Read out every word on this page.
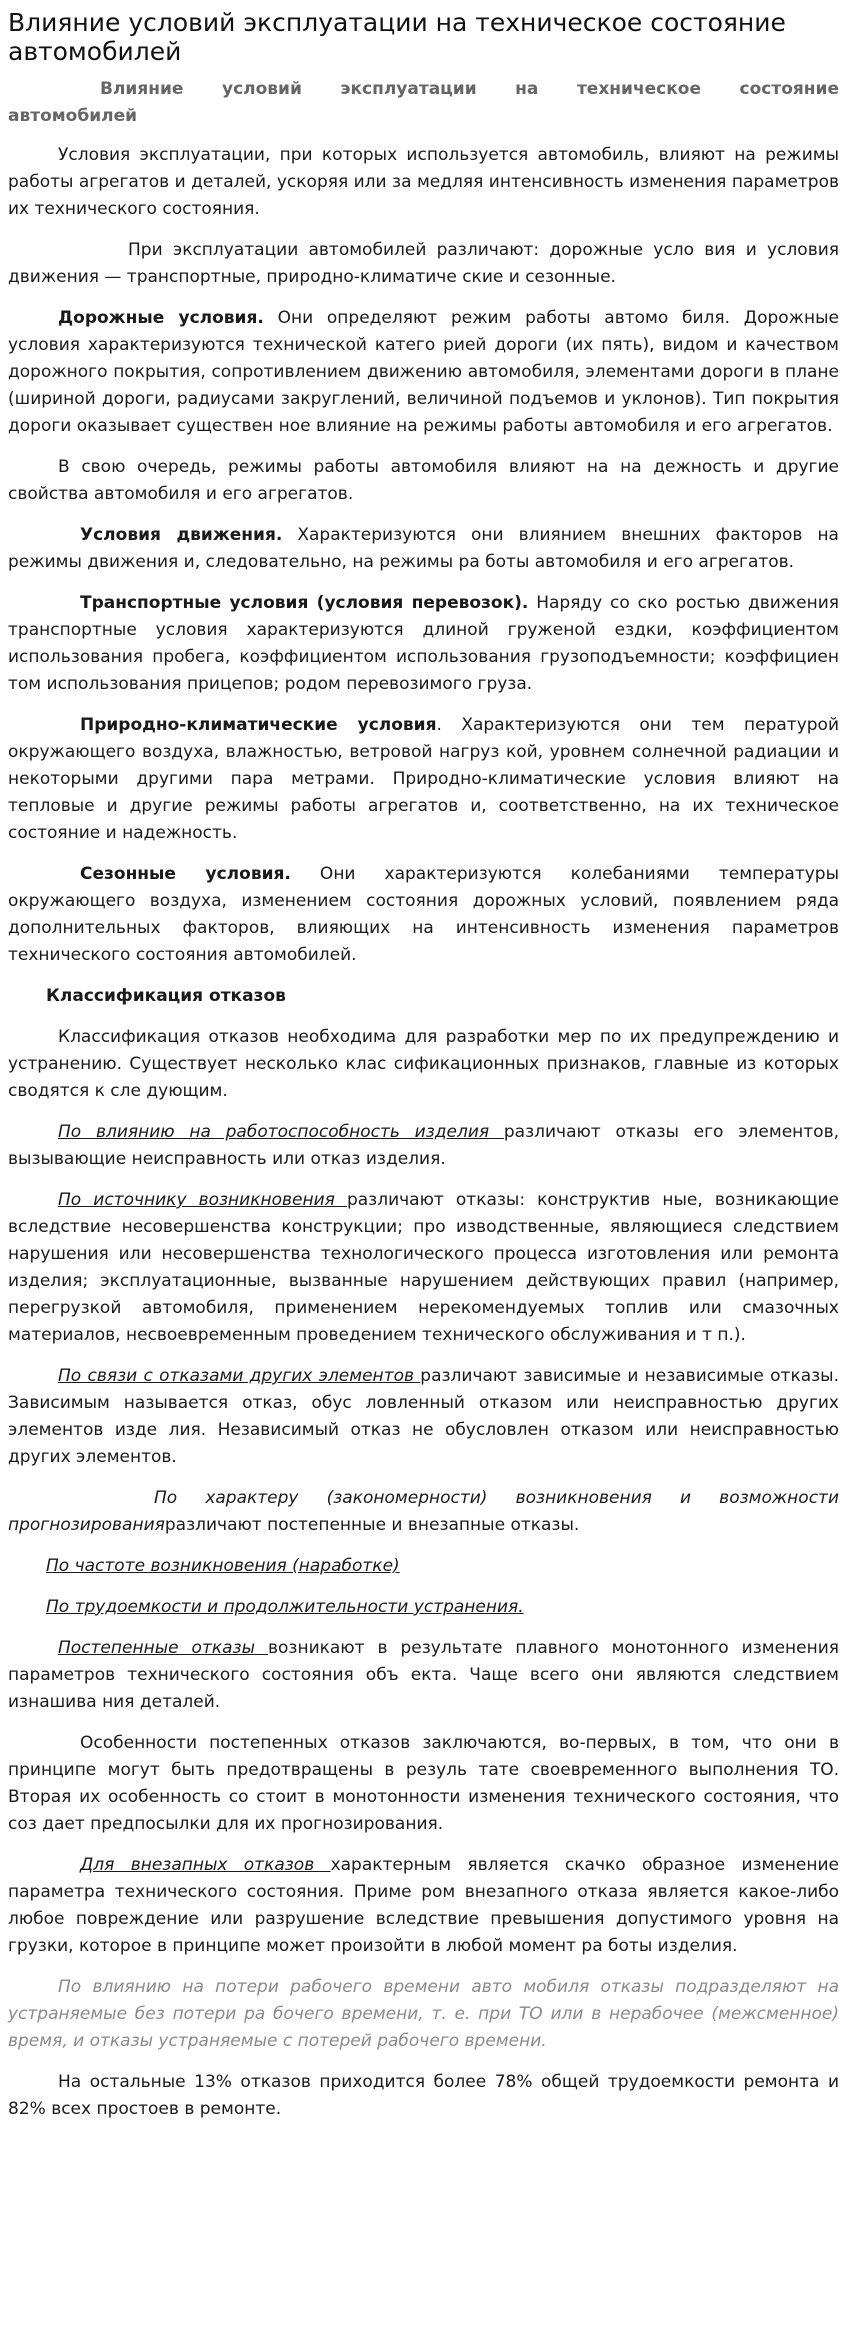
Влияние условий эксплуатации на техническое состояние автомобилей
Влияние условий эксплуатации на техническое состояние автомобилей

Условия эксплуатации, при которых используется автомобиль, влияют на режимы работы агрегатов и деталей, ускоряя или за медляя интенсивность изменения параметров их технического состояния.

При эксплуатации автомобилей различают: дорожные усло вия и условия движения — транспортные, природно-климатиче ские и сезонные.

Дорожные условия. Они определяют режим работы автомо биля. Дорожные условия характеризуются технической катего рией дороги (их пять), видом и качеством дорожного покрытия, сопротивлением движению автомобиля, элементами дороги в плане (шириной дороги, радиусами закруглений, величиной подъемов и уклонов). Тип покрытия дороги оказывает существен ное влияние на режимы работы автомобиля и его агрегатов.

В свою очередь, режимы работы автомобиля влияют на на дежность и другие свойства автомобиля и его агрегатов.

Условия движения. Характеризуются они влиянием внешних факторов на режимы движения и, следовательно, на режимы ра боты автомобиля и его агрегатов.

Транспортные условия (условия перевозок). Наряду со ско ростью движения транспортные условия характеризуются длиной груженой ездки, коэффициентом использования пробега, коэффициентом использования грузоподъемности; коэффициен том использования прицепов; родом перевозимого груза.

Природно-климатические условия. Характеризуются они тем пературой окружающего воздуха, влажностью, ветровой нагруз кой, уровнем солнечной радиации и некоторыми другими пара метрами. Природно-климатические условия влияют на тепловые и другие режимы работы агрегатов и, соответственно, на их техническое состояние и надежность.

Сезонные условия. Они характеризуются колебаниями температуры окружающего воздуха, изменением состояния дорожных условий, появлением ряда дополнительных факторов, влияющих на интенсивность изменения параметров технического состояния автомобилей.

Классификация отказов

Классификация отказов необходима для разработки мер по их предупреждению и устранению. Существует несколько клас сификационных признаков, главные из которых сводятся к сле дующим.

По влиянию на работоспособность изделия различают отказы его элементов, вызывающие неисправность или отказ изделия.

По источнику возникновения различают отказы: конструктив ные, возникающие вследствие несовершенства конструкции; про изводственные, являющиеся следствием нарушения или несовершенства технологического процесса изготовления или ремонта изделия; эксплуатационные, вызванные нарушением действующих правил (например, перегрузкой автомобиля, применением нерекомендуемых топлив или смазочных материалов, несвоевременным проведением технического обслуживания и т п.).

По связи с отказами других элементов различают зависимые и независимые отказы. Зависимым называется отказ, обус ловленный отказом или неисправностью других элементов изде лия. Независимый отказ не обусловлен отказом или неисправностью других элементов.

По характеру (закономерности) возникновения и возможности прогнозированияразличают постепенные и внезапные отказы.

По частоте возникновения (наработке)
По трудоемкости и продолжительности устранения.

Постепенные отказы возникают в результате плавного монотонного изменения параметров технического состояния объ екта. Чаще всего они являются следствием изнашива ния деталей.

Особенности постепенных отказов заключаются, во-первых, в том, что они в принципе могут быть предотвращены в резуль тате своевременного выполнения ТО. Вторая их особенность со стоит в монотонности изменения технического состояния, что соз дает предпосылки для их прогнозирования.

Для внезапных отказов характерным является скачко образное изменение параметра технического состояния. Приме ром внезапного отказа является какое-либо любое повреждение или разрушение вследствие превышения допустимого уровня на грузки, которое в принципе может произойти в любой момент ра боты изделия.

По влиянию на потери рабочего времени авто мобиля отказы подразделяют на устраняемые без потери ра бочего времени, т. е. при ТО или в нерабочее (межсменное) время, и отказы устраняемые с потерей рабочего времени.

На остальные 13% отказов приходится более 78% общей трудоемкости ремонта и 82% всех простоев в ремонте.
